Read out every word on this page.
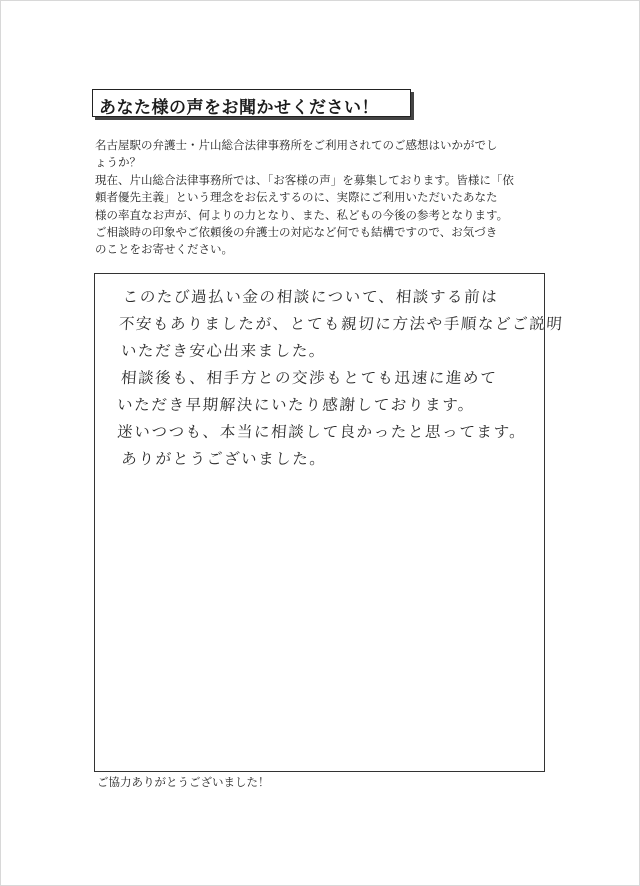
あなた様の声をお聞かせください！
名古屋駅の弁護士・片山総合法律事務所をご利用されてのご感想はいかがでし
ょうか？
現在、片山総合法律事務所では、「お客様の声」を募集しております。皆様に「依
頼者優先主義」という理念をお伝えするのに、実際にご利用いただいたあなた
様の率直なお声が、何よりの力となり、また、私どもの今後の参考となります。
ご相談時の印象やご依頼後の弁護士の対応など何でも結構ですので、お気づき
のことをお寄せください。
このたび過払い金の相談について、相談する前は
不安もありましたが、とても親切に方法や手順などご説明
いただき安心出来ました。
相談後も、相手方との交渉もとても迅速に進めて
いただき早期解決にいたり感謝しております。
迷いつつも、本当に相談して良かったと思ってます。
ありがとうございました。
ご協力ありがとうございました！
